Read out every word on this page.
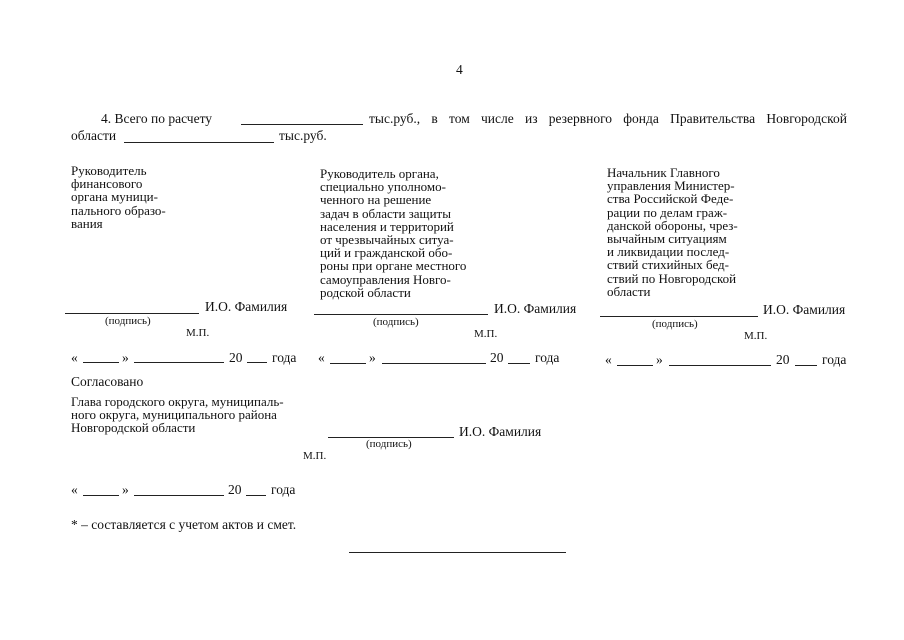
4
4. Всего по расчету	тыс.руб., в том числе из резервного фонда Правительства Новгородской
области	тыс.руб.
Руководитель
финансового
органа муници-
пального образо-
вания
И.О. Фамилия
(подпись)
М.П.
«	»	20 года
Руководитель органа,
специально уполномо-
ченного на решение
задач в области защиты
населения и территорий
от чрезвычайных ситуа-
ций и гражданской обо-
роны при органе местного
самоуправления Новго-
родской области
И.О. Фамилия
(подпись)
М.П.
«	»	20 года
Начальник Главного
управления Министер-
ства Российской Феде-
рации по делам граж-
данской обороны, чрез-
вычайным ситуациям
и ликвидации послед-
ствий стихийных бед-
ствий по Новгородской
области
И.О. Фамилия
(подпись)
М.П.
«	»	20 года
Согласовано
Глава городского округа, муниципаль-
ного округа, муниципального района
Новгородской области	И.О. Фамилия
(подпись)
М.П.
«	»	20 года
* – составляется с учетом актов и смет.
